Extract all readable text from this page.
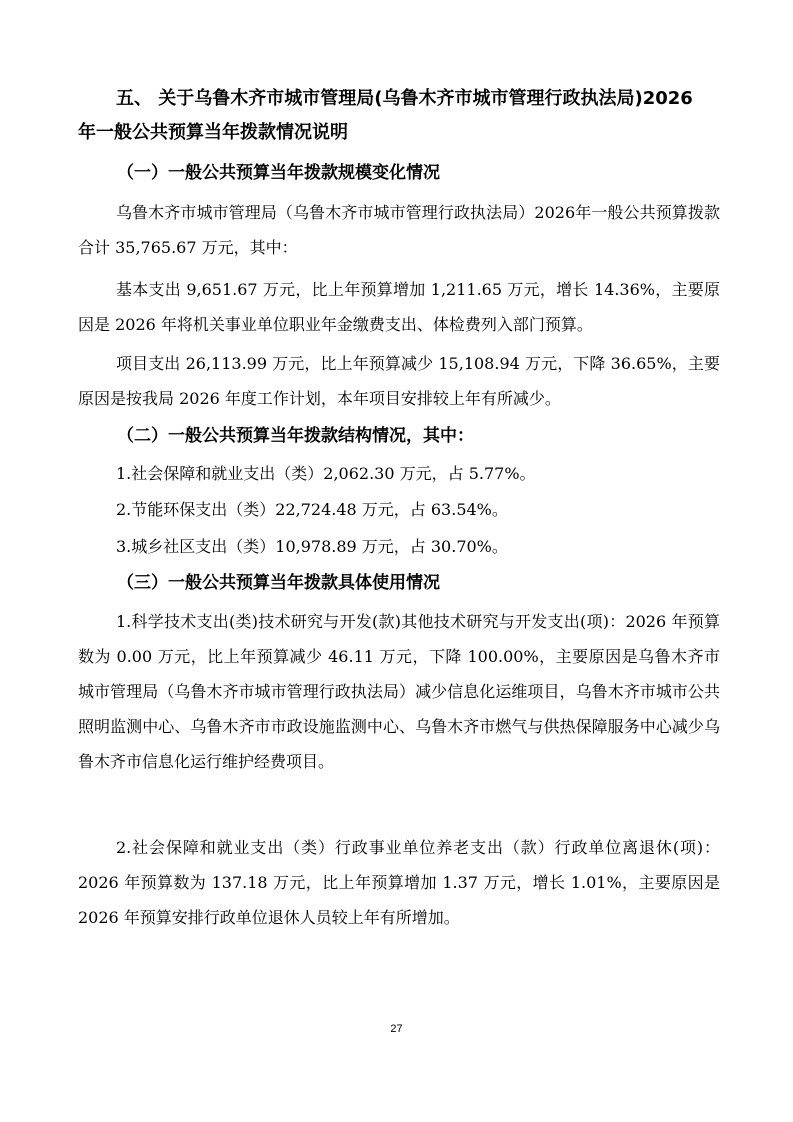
五、 关于乌鲁木齐市城市管理局(乌鲁木齐市城市管理行政执法局)2026
年一般公共预算当年拨款情况说明
（一）一般公共预算当年拨款规模变化情况
乌鲁木齐市城市管理局（乌鲁木齐市城市管理行政执法局）2026年一般公共预算拨款合计 35,765.67 万元，其中：
基本支出 9,651.67 万元，比上年预算增加 1,211.65 万元，增长 14.36%，主要原因是 2026 年将机关事业单位职业年金缴费支出、体检费列入部门预算。
项目支出 26,113.99 万元，比上年预算减少 15,108.94 万元，下降 36.65%，主要原因是按我局 2026 年度工作计划，本年项目安排较上年有所减少。
（二）一般公共预算当年拨款结构情况，其中：
1.社会保障和就业支出（类）2,062.30 万元，占 5.77%。
2.节能环保支出（类）22,724.48 万元，占 63.54%。
3.城乡社区支出（类）10,978.89 万元，占 30.70%。
（三）一般公共预算当年拨款具体使用情况
1.科学技术支出(类)技术研究与开发(款)其他技术研究与开发支出(项)：2026 年预算数为 0.00 万元，比上年预算减少 46.11 万元，下降 100.00%，主要原因是乌鲁木齐市城市管理局（乌鲁木齐市城市管理行政执法局）减少信息化运维项目，乌鲁木齐市城市公共照明监测中心、乌鲁木齐市市政设施监测中心、乌鲁木齐市燃气与供热保障服务中心减少乌鲁木齐市信息化运行维护经费项目。
2.社会保障和就业支出（类）行政事业单位养老支出（款）行政单位离退休(项)：2026 年预算数为 137.18 万元，比上年预算增加 1.37 万元，增长 1.01%，主要原因是 2026 年预算安排行政单位退休人员较上年有所增加。
27
